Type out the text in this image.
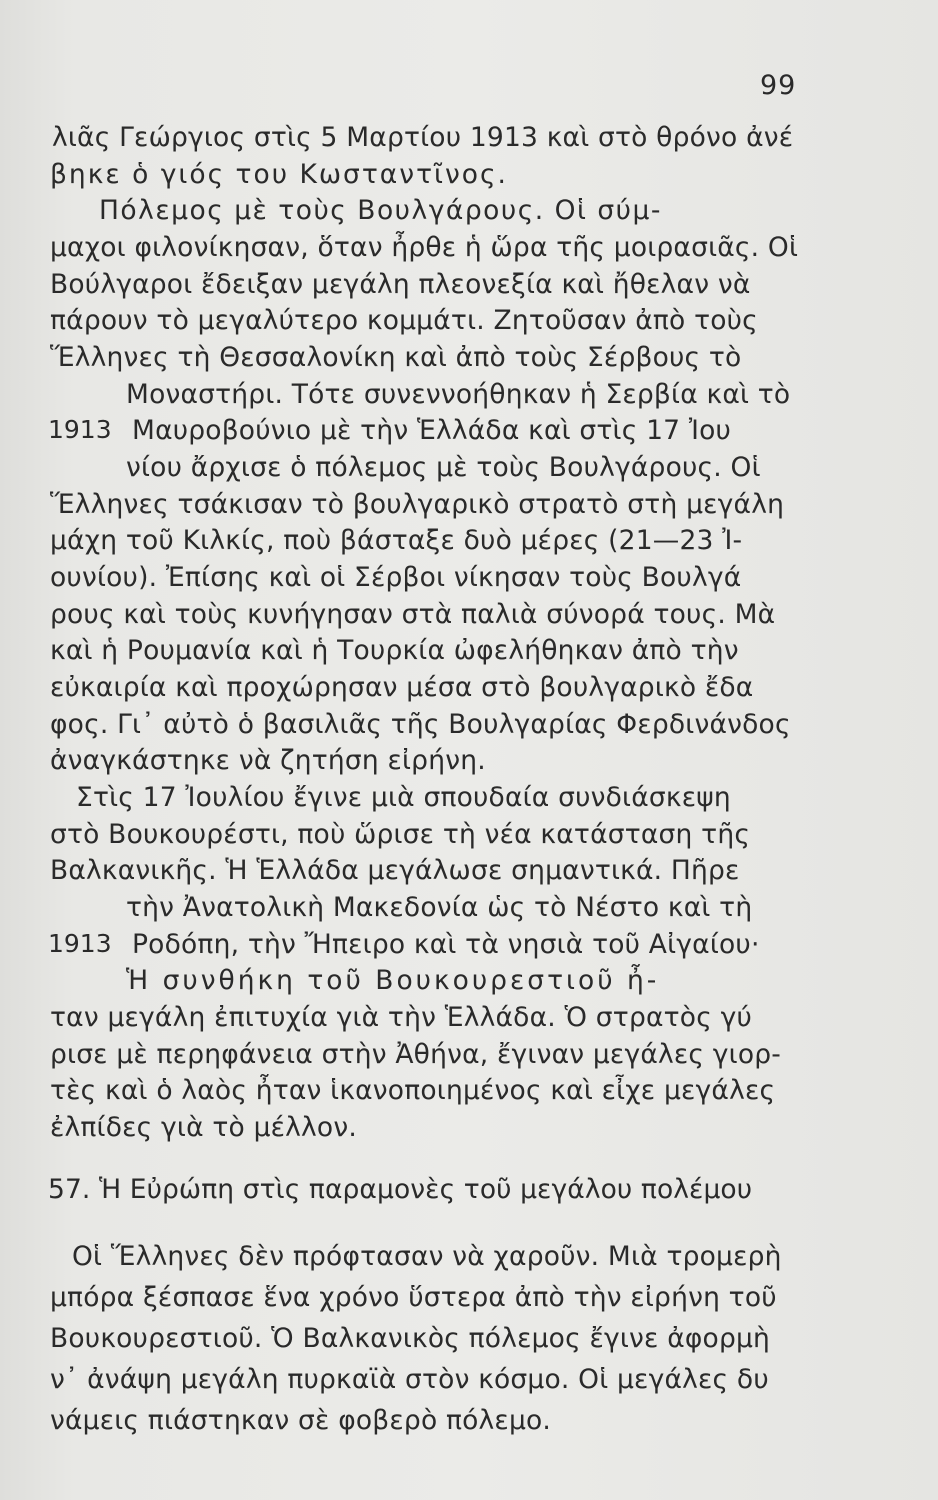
99
λιᾶς Γεώργιος στὶς 5 Μαρτίου 1913 καὶ στὸ θρόνο ἀνέ
βηκε ὁ γιός του Κωσταντῖνος.
Πόλεμος μὲ τοὺς Βουλγάρους. Οἱ σύμ-
μαχοι φιλονίκησαν, ὅταν ἦρθε ἡ ὥρα τῆς μοιρασιᾶς. Οἱ
Βούλγαροι ἔδειξαν μεγάλη πλεονεξία καὶ ἤθελαν νὰ
πάρουν τὸ μεγαλύτερο κομμάτι. Ζητοῦσαν ἀπὸ τοὺς
Ἕλληνες τὴ Θεσσαλονίκη καὶ ἀπὸ τοὺς Σέρβους τὸ
Μοναστήρι. Τότε συνεννοήθηκαν ἡ Σερβία καὶ τὸ
1913 Μαυροβούνιο μὲ τὴν Ἑλλάδα καὶ στὶς 17 Ἰου
νίου ἄρχισε ὁ πόλεμος μὲ τοὺς Βουλγάρους. Οἱ
Ἕλληνες τσάκισαν τὸ βουλγαρικὸ στρατὸ στὴ μεγάλη
μάχη τοῦ Κιλκίς, ποὺ βάσταξε δυὸ μέρες (21—23 Ἰ-
ουνίου). Ἐπίσης καὶ οἱ Σέρβοι νίκησαν τοὺς Βουλγά
ρους καὶ τοὺς κυνήγησαν στὰ παλιὰ σύνορά τους. Μὰ
καὶ ἡ Ρουμανία καὶ ἡ Τουρκία ὠφελήθηκαν ἀπὸ τὴν
εὐκαιρία καὶ προχώρησαν μέσα στὸ βουλγαρικὸ ἔδα
φος. Γι᾿ αὐτὸ ὁ βασιλιᾶς τῆς Βουλγαρίας Φερδινάνδος
ἀναγκάστηκε νὰ ζητήση εἰρήνη.
Στὶς 17 Ἰουλίου ἔγινε μιὰ σπουδαία συνδιάσκεψη
στὸ Βουκουρέστι, ποὺ ὥρισε τὴ νέα κατάσταση τῆς
Βαλκανικῆς. Ἡ Ἑλλάδα μεγάλωσε σημαντικά. Πῆρε
τὴν Ἀνατολικὴ Μακεδονία ὡς τὸ Νέστο καὶ τὴ
1913 Ροδόπη, τὴν Ἤπειρο καὶ τὰ νησιὰ τοῦ Αἰγαίου·
Ἡ συνθήκη τοῦ Βουκουρεστιοῦ ἦ-
ταν μεγάλη ἐπιτυχία γιὰ τὴν Ἑλλάδα. Ὁ στρατὸς γύ
ρισε μὲ περηφάνεια στὴν Ἀθήνα, ἔγιναν μεγάλες γιορ-
τὲς καὶ ὁ λαὸς ἦταν ἱκανοποιημένος καὶ εἶχε μεγάλες
ἐλπίδες γιὰ τὸ μέλλον.
57. Ἡ Εὐρώπη στὶς παραμονὲς τοῦ μεγάλου πολέμου
Οἱ Ἕλληνες δὲν πρόφτασαν νὰ χαροῦν. Μιὰ τρομερὴ
μπόρα ξέσπασε ἕνα χρόνο ὕστερα ἀπὸ τὴν εἰρήνη τοῦ
Βουκουρεστιοῦ. Ὁ Βαλκανικὸς πόλεμος ἔγινε ἀφορμὴ
ν᾿ ἀνάψη μεγάλη πυρκαϊὰ στὸν κόσμο. Οἱ μεγάλες δυ
νάμεις πιάστηκαν σὲ φοβερὸ πόλεμο.
